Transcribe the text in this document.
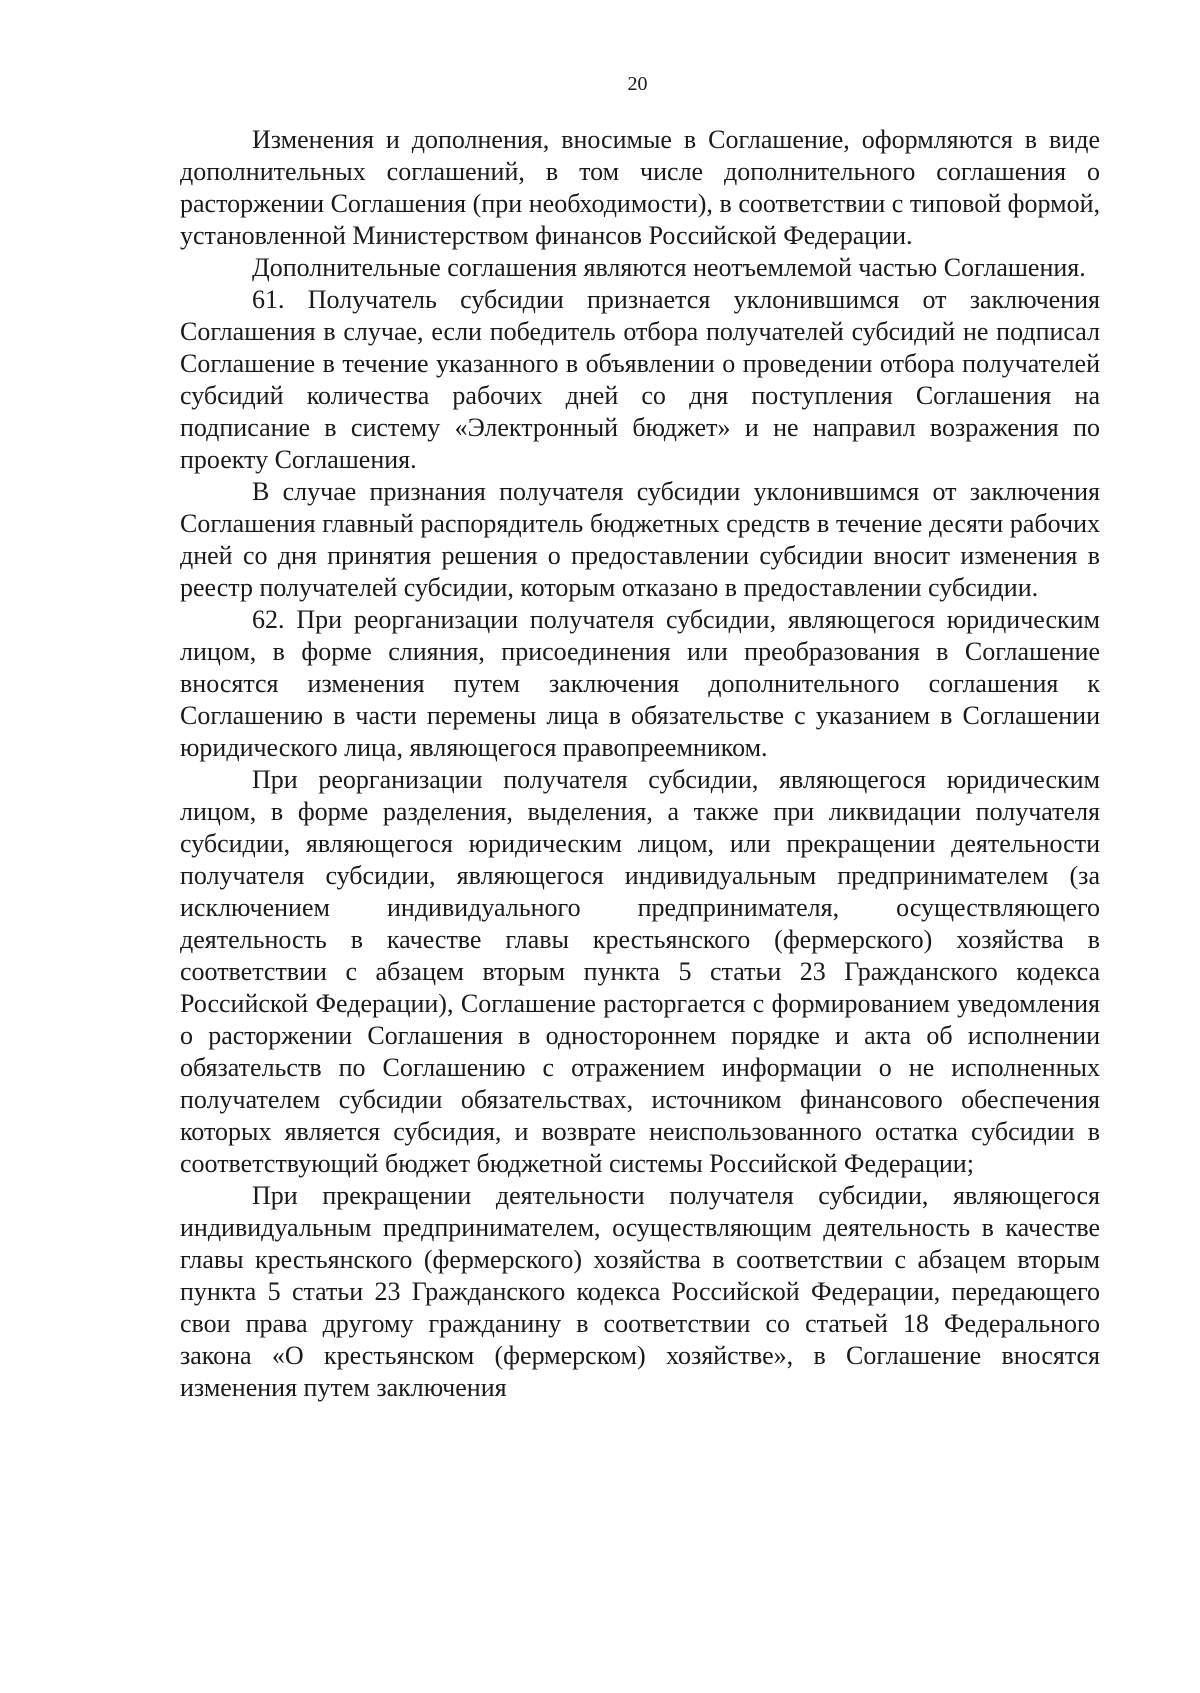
20

Изменения и дополнения, вносимые в Соглашение, оформляются в виде дополнительных соглашений, в том числе дополнительного соглашения о расторжении Соглашения (при необходимости), в соответствии с типовой формой, установленной Министерством финансов Российской Федерации.

Дополнительные соглашения являются неотъемлемой частью Соглашения.

61. Получатель субсидии признается уклонившимся от заключения Соглашения в случае, если победитель отбора получателей субсидий не подписал Соглашение в течение указанного в объявлении о проведении отбора получателей субсидий количества рабочих дней со дня поступления Соглашения на подписание в систему «Электронный бюджет» и не направил возражения по проекту Соглашения.

В случае признания получателя субсидии уклонившимся от заключения Соглашения главный распорядитель бюджетных средств в течение десяти рабочих дней со дня принятия решения о предоставлении субсидии вносит изменения в реестр получателей субсидии, которым отказано в предоставлении субсидии.

62. При реорганизации получателя субсидии, являющегося юридическим лицом, в форме слияния, присоединения или преобразования в Соглашение вносятся изменения путем заключения дополнительного соглашения к Соглашению в части перемены лица в обязательстве с указанием в Соглашении юридического лица, являющегося правопреемником.

При реорганизации получателя субсидии, являющегося юридическим лицом, в форме разделения, выделения, а также при ликвидации получателя субсидии, являющегося юридическим лицом, или прекращении деятельности получателя субсидии, являющегося индивидуальным предпринимателем (за исключением индивидуального предпринимателя, осуществляющего деятельность в качестве главы крестьянского (фермерского) хозяйства в соответствии с абзацем вторым пункта 5 статьи 23 Гражданского кодекса Российской Федерации), Соглашение расторгается с формированием уведомления о расторжении Соглашения в одностороннем порядке и акта об исполнении обязательств по Соглашению с отражением информации о не исполненных получателем субсидии обязательствах, источником финансового обеспечения которых является субсидия, и возврате неиспользованного остатка субсидии в соответствующий бюджет бюджетной системы Российской Федерации;

При прекращении деятельности получателя субсидии, являющегося индивидуальным предпринимателем, осуществляющим деятельность в качестве главы крестьянского (фермерского) хозяйства в соответствии с абзацем вторым пункта 5 статьи 23 Гражданского кодекса Российской Федерации, передающего свои права другому гражданину в соответствии со статьей 18 Федерального закона «О крестьянском (фермерском) хозяйстве», в Соглашение вносятся изменения путем заключения
